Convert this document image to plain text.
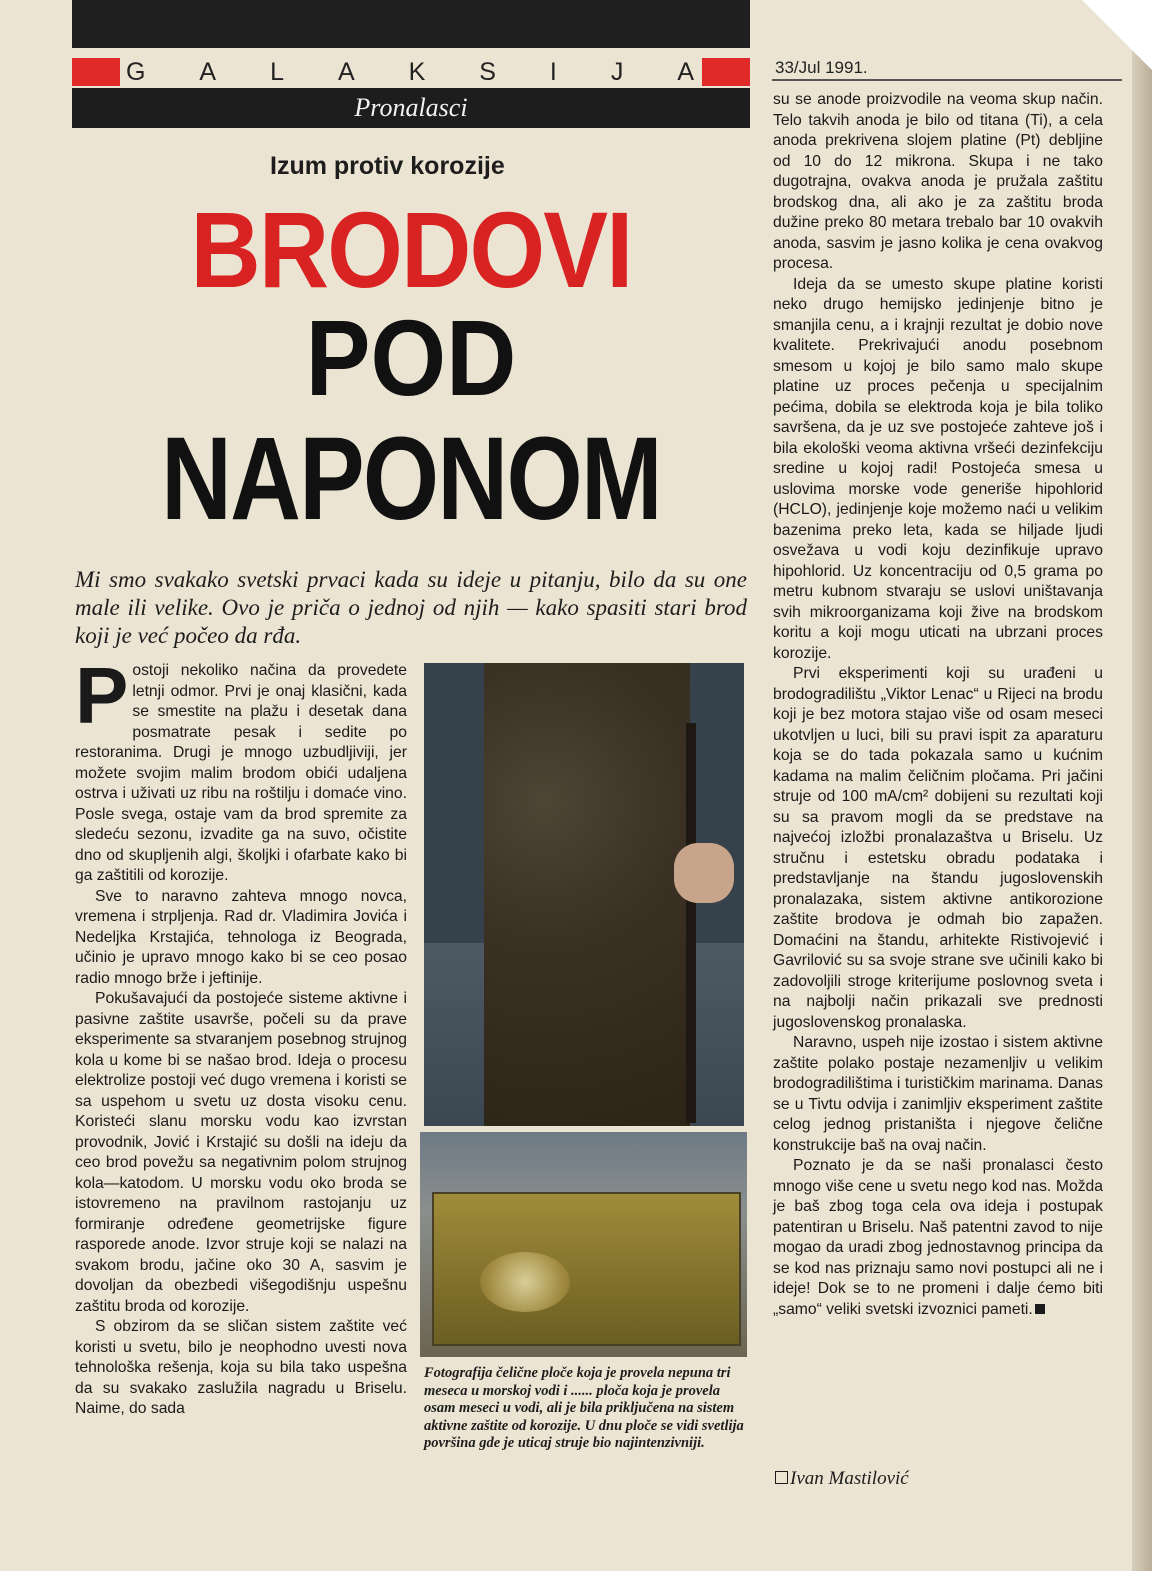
G A L A K S I J A
Pronalasci
33/Jul 1991.
Izum protiv korozije
BRODOVI
POD
NAPONOM
Mi smo svakako svetski prvaci kada su ideje u pitanju, bilo da su one male ili velike. Ovo je priča o jednoj od njih — kako spasiti stari brod koji je već počeo da rđa.

Postoji nekoliko načina da provedete letnji odmor. Prvi je onaj klasični, kada se smestite na plažu i desetak dana posmatrate pesak i sedite po restoranima. Drugi je mnogo uzbudljiviji, jer možete svojim malim brodom obići udaljena ostrva i uživati uz ribu na roštilju i domaće vino. Posle svega, ostaje vam da brod spremite za sledeću sezonu, izvadite ga na suvo, očistite dno od skupljenih algi, školjki i ofarbate kako bi ga zaštitili od korozije.

Sve to naravno zahteva mnogo novca, vremena i strpljenja. Rad dr. Vladimira Jovića i Nedeljka Krstajića, tehnologa iz Beograda, učinio je upravo mnogo kako bi se ceo posao radio mnogo brže i jeftinije.

Pokušavajući da postojeće sisteme aktivne i pasivne zaštite usavrše, počeli su da prave eksperimente sa stvaranjem posebnog strujnog kola u kome bi se našao brod. Ideja o procesu elektrolize postoji već dugo vremena i koristi se sa uspehom u svetu uz dosta visoku cenu. Koristeći slanu morsku vodu kao izvrstan provodnik, Jović i Krstajić su došli na ideju da ceo brod povežu sa negativnim polom strujnog kola—katodom. U morsku vodu oko broda se istovremeno na pravilnom rastojanju uz formiranje određene geometrijske figure rasporede anode. Izvor struje koji se nalazi na svakom brodu, jačine oko 30 A, sasvim je dovoljan da obezbedi višegodišnju uspešnu zaštitu broda od korozije.

S obzirom da se sličan sistem zaštite već koristi u svetu, bilo je neophodno uvesti nova tehnološka rešenja, koja su bila tako uspešna da su svakako zaslužila nagradu u Briselu. Naime, do sada

Fotografija čelične ploče koja je provela nepuna tri meseca u morskoj vodi i ...... ploča koja je provela osam meseci u vodi, ali je bila priključena na sistem aktivne zaštite od korozije. U dnu ploče se vidi svetlija površina gde je uticaj struje bio najintenzivniji.

su se anode proizvodile na veoma skup način. Telo takvih anoda je bilo od titana (Ti), a cela anoda prekrivena slojem platine (Pt) debljine od 10 do 12 mikrona. Skupa i ne tako dugotrajna, ovakva anoda je pružala zaštitu brodskog dna, ali ako je za zaštitu broda dužine preko 80 metara trebalo bar 10 ovakvih anoda, sasvim je jasno kolika je cena ovakvog procesa.

Ideja da se umesto skupe platine koristi neko drugo hemijsko jedinjenje bitno je smanjila cenu, a i krajnji rezultat je dobio nove kvalitete. Prekrivajući anodu posebnom smesom u kojoj je bilo samo malo skupe platine uz proces pečenja u specijalnim pećima, dobila se elektroda koja je bila toliko savršena, da je uz sve postojeće zahteve još i bila ekološki veoma aktivna vršeći dezinfekciju sredine u kojoj radi! Postojeća smesa u uslovima morske vode generiše hipohlorid (HCLO), jedinjenje koje možemo naći u velikim bazenima preko leta, kada se hiljade ljudi osvežava u vodi koju dezinfikuje upravo hipohlorid. Uz koncentraciju od 0,5 grama po metru kubnom stvaraju se uslovi uništavanja svih mikroorganizama koji žive na brodskom koritu a koji mogu uticati na ubrzani proces korozije.

Prvi eksperimenti koji su urađeni u brodogradilištu „Viktor Lenac“ u Rijeci na brodu koji je bez motora stajao više od osam meseci ukotvljen u luci, bili su pravi ispit za aparaturu koja se do tada pokazala samo u kućnim kadama na malim čeličnim pločama. Pri jačini struje od 100 mA/cm² dobijeni su rezultati koji su sa pravom mogli da se predstave na najvećoj izložbi pronalazaštva u Briselu. Uz stručnu i estetsku obradu podataka i predstavljanje na štandu jugoslovenskih pronalazaka, sistem aktivne antikorozione zaštite brodova je odmah bio zapažen. Domaćini na štandu, arhitekte Ristivojević i Gavrilović su sa svoje strane sve učinili kako bi zadovoljili stroge kriterijume poslovnog sveta i na najbolji način prikazali sve prednosti jugoslovenskog pronalaska.

Naravno, uspeh nije izostao i sistem aktivne zaštite polako postaje nezamenljiv u velikim brodogradilištima i turističkim marinama. Danas se u Tivtu odvija i zanimljiv eksperiment zaštite celog jednog pristaništa i njegove čelične konstrukcije baš na ovaj način.

Poznato je da se naši pronalasci često mnogo više cene u svetu nego kod nas. Možda je baš zbog toga cela ova ideja i postupak patentiran u Briselu. Naš patentni zavod to nije mogao da uradi zbog jednostavnog principa da se kod nas priznaju samo novi postupci ali ne i ideje! Dok se to ne promeni i dalje ćemo biti „samo“ veliki svetski izvoznici pameti.

Ivan Mastilović
